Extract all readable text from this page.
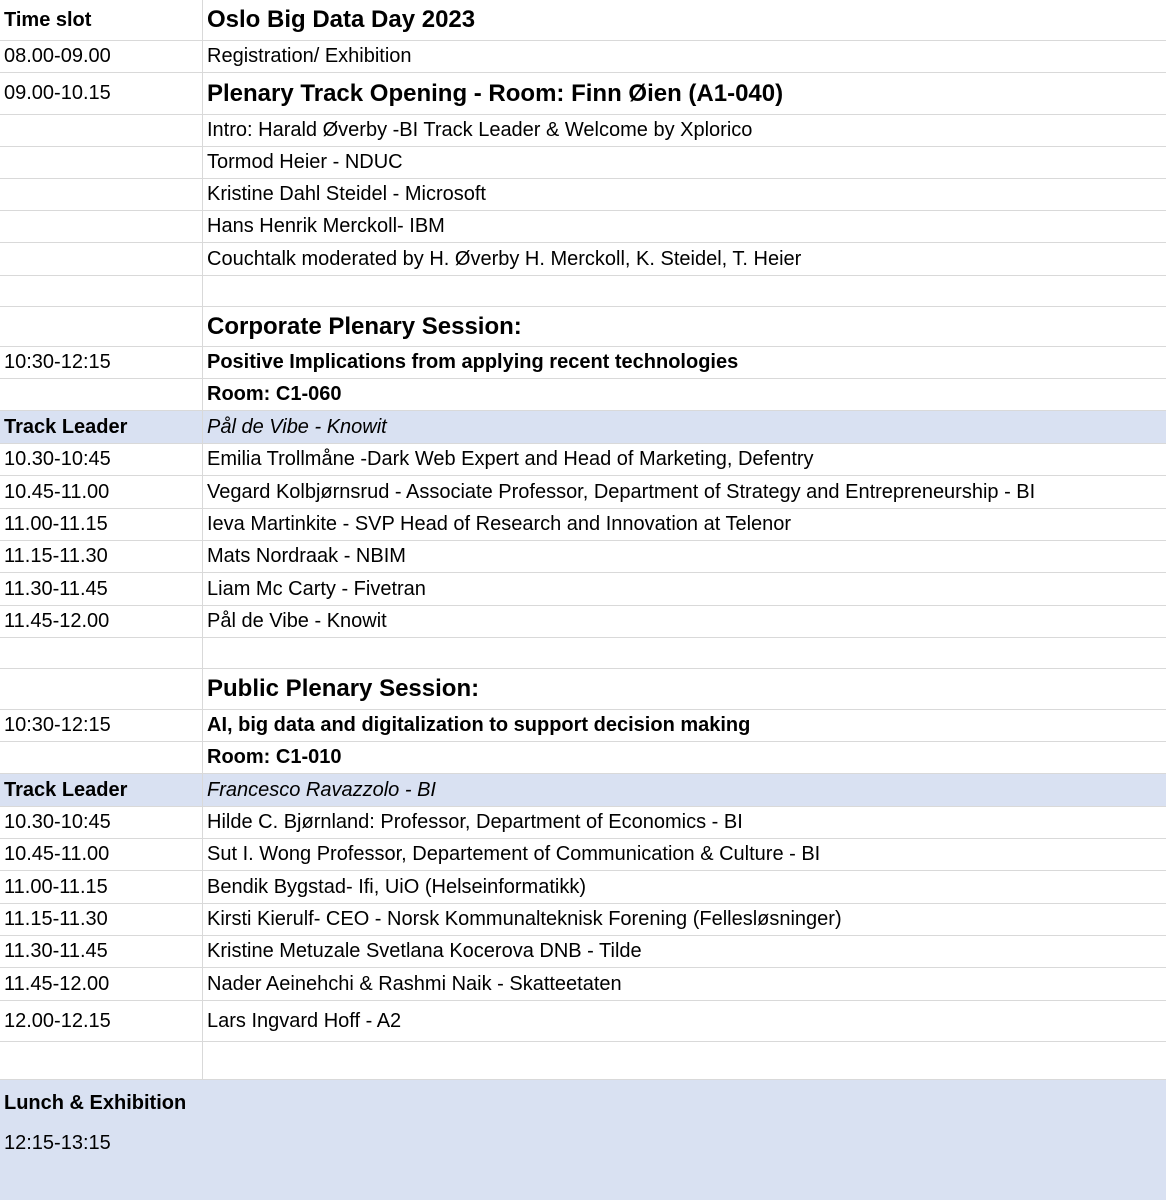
Time slot	Oslo Big Data Day 2023
08.00-09.00	Registration/ Exhibition
09.00-10.15	Plenary Track Opening - Room: Finn Øien (A1-040)
Intro: Harald Øverby -BI Track Leader & Welcome by Xplorico
Tormod Heier - NDUC
Kristine Dahl Steidel - Microsoft
Hans Henrik Merckoll- IBM
Couchtalk moderated by H. Øverby H. Merckoll, K. Steidel, T. Heier
Corporate Plenary Session:
10:30-12:15	Positive Implications from applying recent technologies
Room: C1-060
Track Leader	Pål de Vibe - Knowit
10.30-10:45	Emilia Trollmåne -Dark Web Expert and Head of Marketing, Defentry
10.45-11.00	Vegard Kolbjørnsrud - Associate Professor, Department of Strategy and Entrepreneurship - BI
11.00-11.15	Ieva Martinkite - SVP Head of Research and Innovation at Telenor
11.15-11.30	Mats Nordraak - NBIM
11.30-11.45	Liam Mc Carty - Fivetran
11.45-12.00	Pål de Vibe - Knowit
Public Plenary Session:
10:30-12:15	AI, big data and digitalization to support decision making
Room: C1-010
Track Leader	Francesco Ravazzolo - BI
10.30-10:45	Hilde C. Bjørnland: Professor, Department of Economics - BI
10.45-11.00	Sut I. Wong Professor, Departement of Communication & Culture - BI
11.00-11.15	Bendik Bygstad- Ifi, UiO (Helseinformatikk)
11.15-11.30	Kirsti Kierulf- CEO - Norsk Kommunalteknisk Forening (Fellesløsninger)
11.30-11.45	Kristine Metuzale Svetlana Kocerova DNB - Tilde
11.45-12.00	Nader Aeinehchi & Rashmi Naik - Skatteetaten
12.00-12.15	Lars Ingvard Hoff - A2
Lunch & Exhibition
12:15-13:15
